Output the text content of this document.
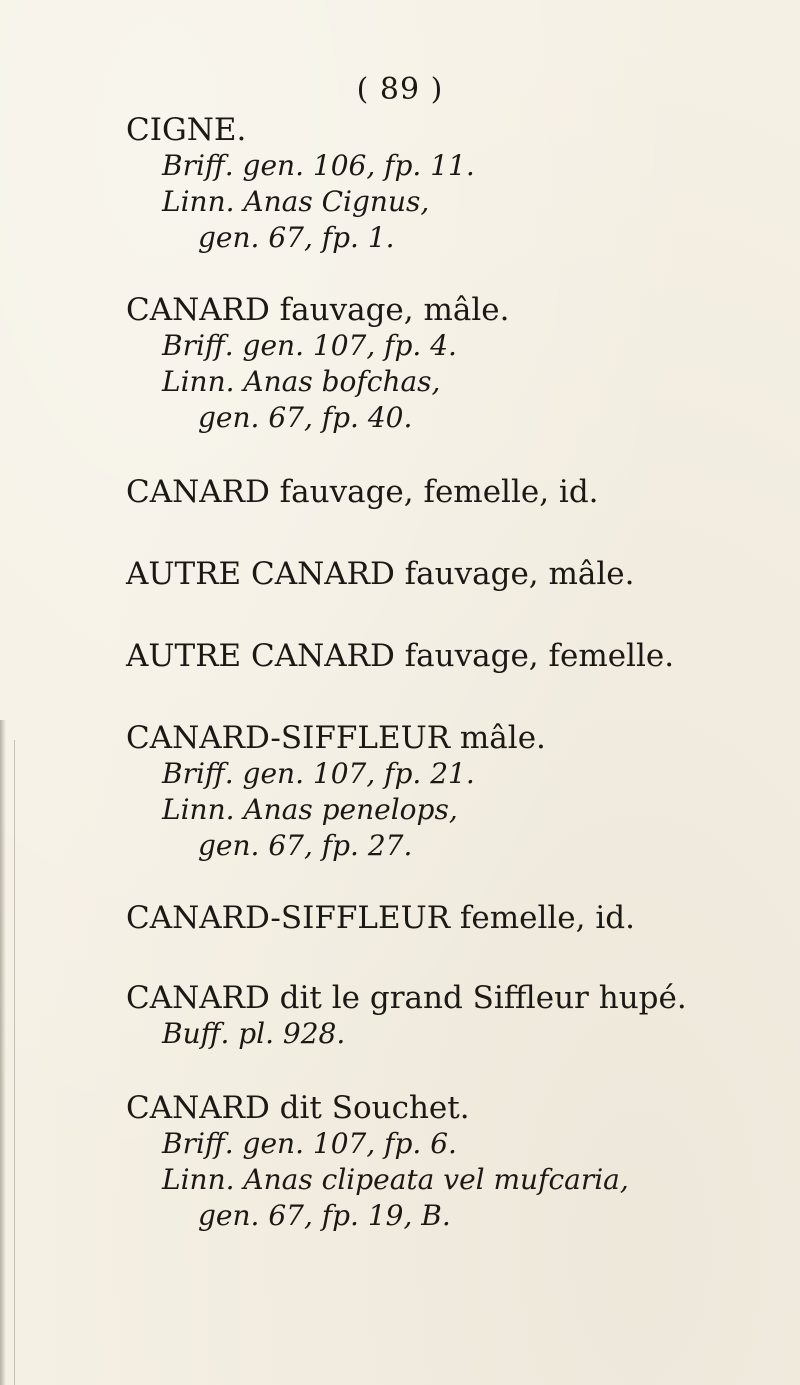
( 89 )
CIGNE.
Briff. gen. 106, fp. 11.
Linn. Anas Cignus,
gen. 67, fp. 1.
CANARD fauvage, mâle.
Briff. gen. 107, fp. 4.
Linn. Anas bofchas,
gen. 67, fp. 40.
CANARD fauvage, femelle, id.
AUTRE CANARD fauvage, mâle.
AUTRE CANARD fauvage, femelle.
CANARD-SIFFLEUR mâle.
Briff. gen. 107, fp. 21.
Linn. Anas penelops,
gen. 67, fp. 27.
CANARD-SIFFLEUR femelle, id.
CANARD dit le grand Siffleur hupé.
Buff. pl. 928.
CANARD dit Souchet.
Briff. gen. 107, fp. 6.
Linn. Anas clipeata vel mufcaria,
gen. 67, fp. 19, B.
